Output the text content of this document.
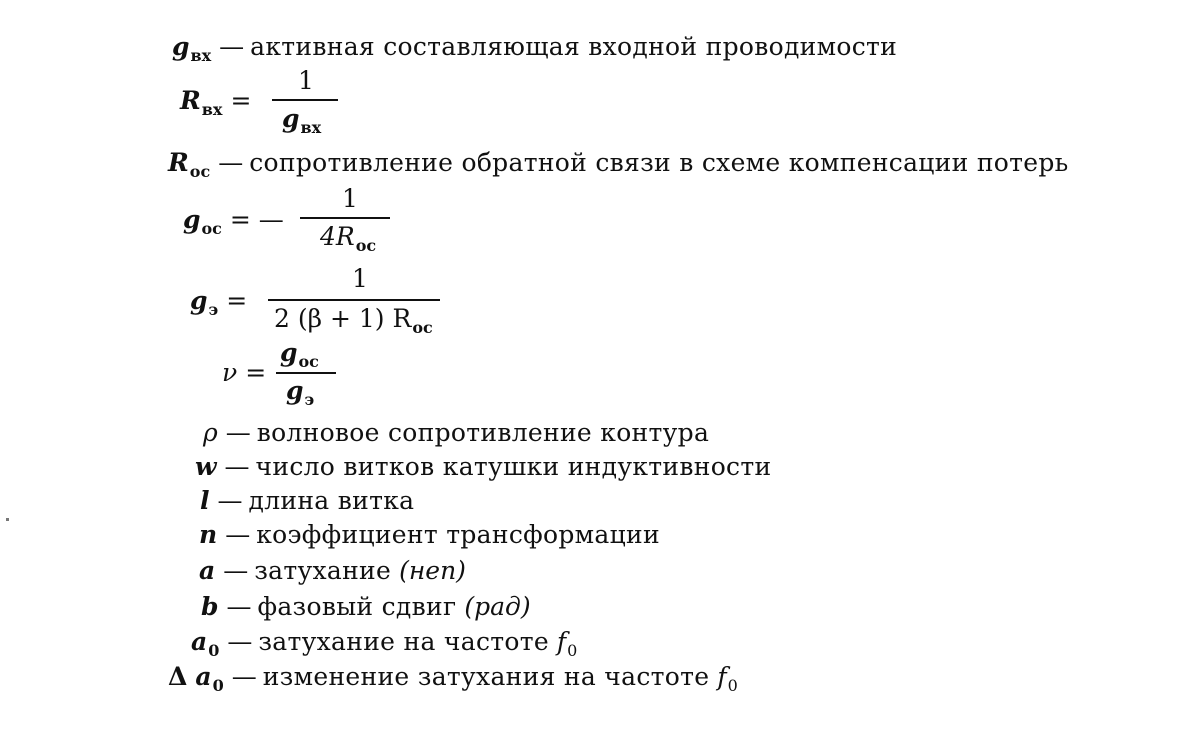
$g_{вх}$ — активная составляющая входной проводимости
$R_{вх}$ =
1
$g_{вх}$
$R_{ос}$ — сопротивление обратной связи в схеме компенсации потерь
$g_{ос}$ = —
1
$4R_{ос}$
$g_э$ =
1
2 (β + 1) $R_{ос}$
ν =
$g_{ос}$
$g_э$
ρ — волновое сопротивление контура
w — число витков катушки индуктивности
l — длина витка
n — коэффициент трансформации
a — затухание (неп)
b — фазовый сдвиг (рад)
$a_0$ — затухание на частоте $f_0$
Δ $a_0$ — изменение затухания на частоте $f_0$
